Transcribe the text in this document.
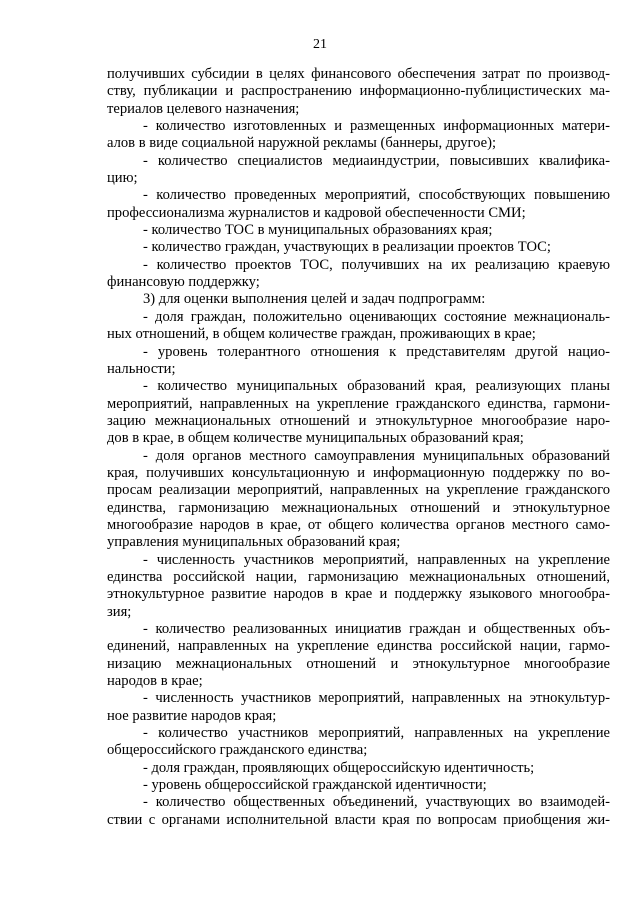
21
получивших субсидии в целях финансового обеспечения затрат по производ-
ству, публикации и распространению информационно-публицистических ма-
териалов целевого назначения;
- количество изготовленных и размещенных информационных матери-
алов в виде социальной наружной рекламы (баннеры, другое);
- количество специалистов медиаиндустрии, повысивших квалифика-
цию;
- количество проведенных мероприятий, способствующих повышению
профессионализма журналистов и кадровой обеспеченности СМИ;
- количество ТОС в муниципальных образованиях края;
- количество граждан, участвующих в реализации проектов ТОС;
- количество проектов ТОС, получивших на их реализацию краевую
финансовую поддержку;
3) для оценки выполнения целей и задач подпрограмм:
- доля граждан, положительно оценивающих состояние межнациональ-
ных отношений, в общем количестве граждан, проживающих в крае;
- уровень толерантного отношения к представителям другой нацио-
нальности;
- количество муниципальных образований края, реализующих планы
мероприятий, направленных на укрепление гражданского единства, гармони-
зацию межнациональных отношений и этнокультурное многообразие наро-
дов в крае, в общем количестве муниципальных образований края;
- доля органов местного самоуправления муниципальных образований
края, получивших консультационную и информационную поддержку по во-
просам реализации мероприятий, направленных на укрепление гражданского
единства, гармонизацию межнациональных отношений и этнокультурное
многообразие народов в крае, от общего количества органов местного само-
управления муниципальных образований края;
- численность участников мероприятий, направленных на укрепление
единства российской нации, гармонизацию межнациональных отношений,
этнокультурное развитие народов в крае и поддержку языкового многообра-
зия;
- количество реализованных инициатив граждан и общественных объ-
единений, направленных на укрепление единства российской нации, гармо-
низацию межнациональных отношений и этнокультурное многообразие
народов в крае;
- численность участников мероприятий, направленных на этнокультур-
ное развитие народов края;
- количество участников мероприятий, направленных на укрепление
общероссийского гражданского единства;
- доля граждан, проявляющих общероссийскую идентичность;
- уровень общероссийской гражданской идентичности;
- количество общественных объединений, участвующих во взаимодей-
ствии с органами исполнительной власти края по вопросам приобщения жи-
